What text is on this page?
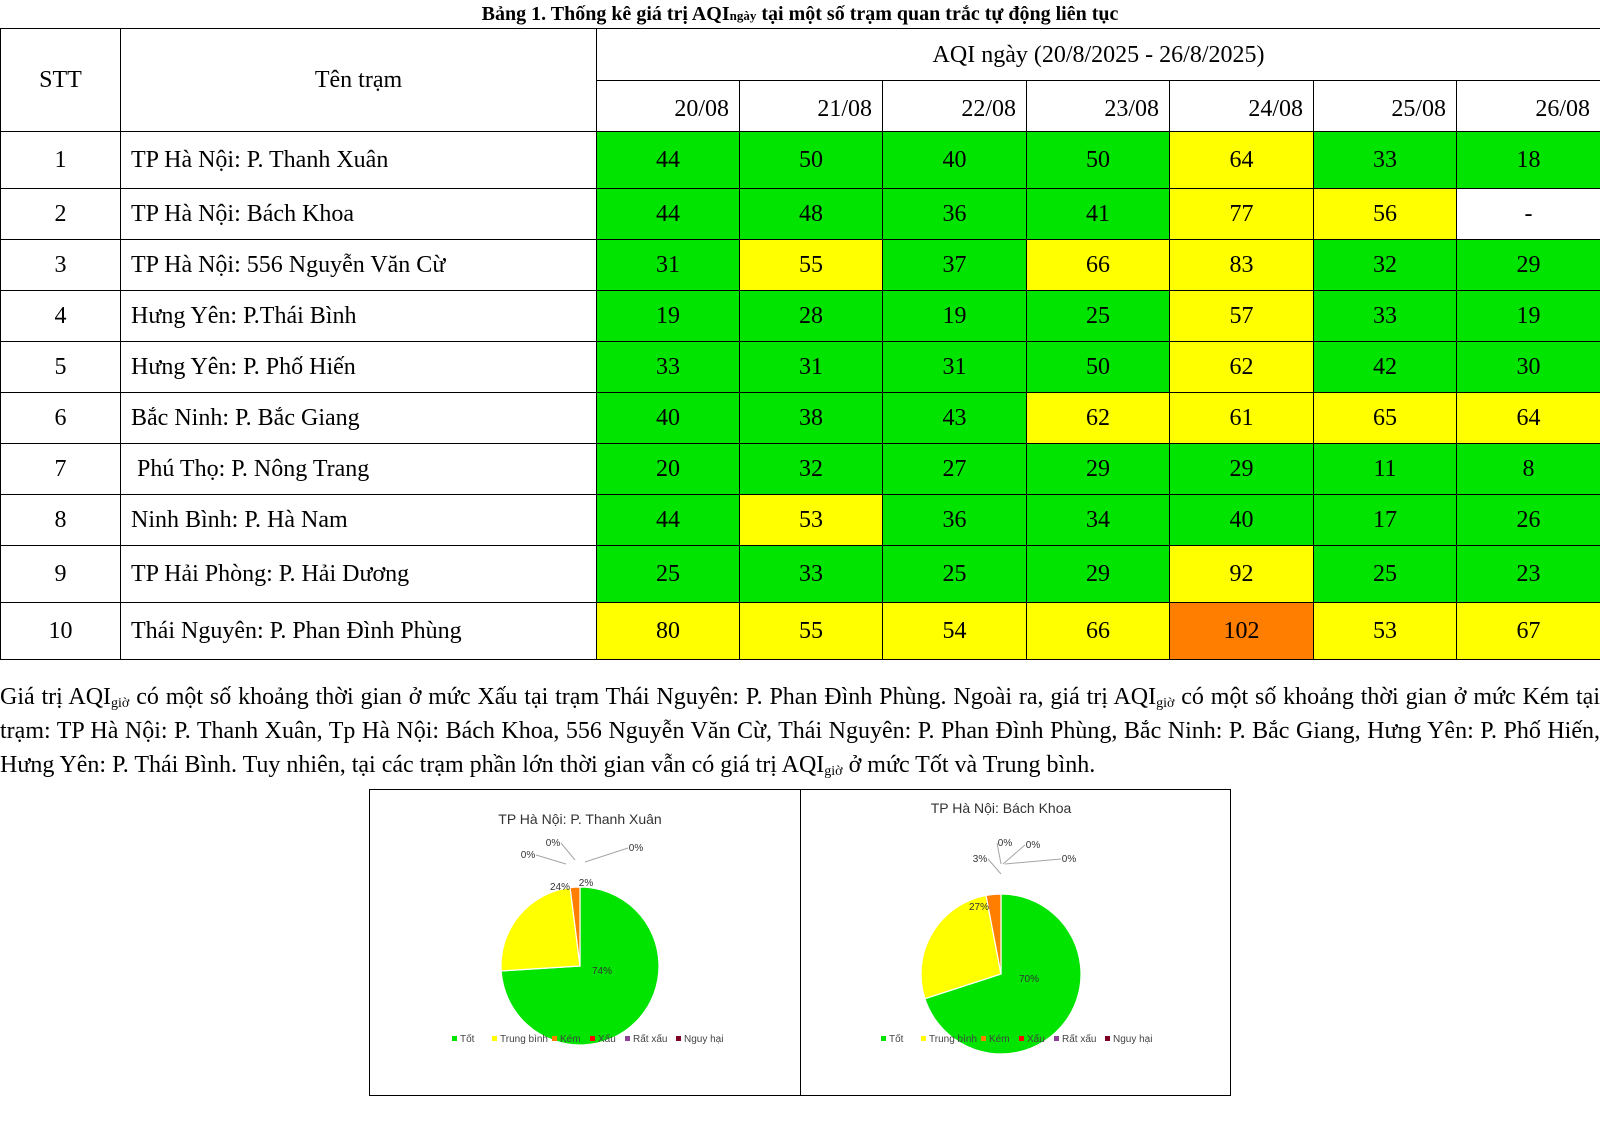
Bảng 1. Thống kê giá trị AQIngày tại một số trạm quan trắc tự động liên tục
STT	Tên trạm	AQI ngày (20/8/2025 - 26/8/2025)						
		20/08	21/08	22/08	23/08	24/08	25/08	26/08
1	TP Hà Nội: P. Thanh Xuân	44	50	40	50	64	33	18
2	TP Hà Nội: Bách Khoa	44	48	36	41	77	56	-
3	TP Hà Nội: 556 Nguyễn Văn Cừ	31	55	37	66	83	32	29
4	Hưng Yên: P.Thái Bình	19	28	19	25	57	33	19
5	Hưng Yên: P. Phố Hiến	33	31	31	50	62	42	30
6	Bắc Ninh: P. Bắc Giang	40	38	43	62	61	65	64
7	Phú Thọ: P. Nông Trang	20	32	27	29	29	11	8
8	Ninh Bình: P. Hà Nam	44	53	36	34	40	17	26
9	TP Hải Phòng: P. Hải Dương	25	33	25	29	92	25	23
10	Thái Nguyên: P. Phan Đình Phùng	80	55	54	66	102	53	67
Giá trị $AQI_{giờ}$ có một số khoảng thời gian ở mức Xấu tại trạm Thái Nguyên: P. Phan Đình Phùng. Ngoài ra, giá trị $AQI_{giờ}$ có một số khoảng thời gian ở mức Kém tại trạm: TP Hà Nội: P. Thanh Xuân, Tp Hà Nội: Bách Khoa, 556 Nguyễn Văn Cừ, Thái Nguyên: P. Phan Đình Phùng, Bắc Ninh: P. Bắc Giang, Hưng Yên: P. Phố Hiến, Hưng Yên: P. Thái Bình. Tuy nhiên, tại các trạm phần lớn thời gian vẫn có giá trị $AQI_{giờ}$ ở mức Tốt và Trung bình.
TP Hà Nội: P. Thanh Xuân
74%
24% 2%
0%
0%	0%
Tốt	Trung bình Kém Xấu Rất xấu Nguy hại
TP Hà Nội: Bách Khoa
70%
27%
3%
0% 0%
0%
Tốt	Trung bình Kém Xấu Rất xấu Nguy hại
